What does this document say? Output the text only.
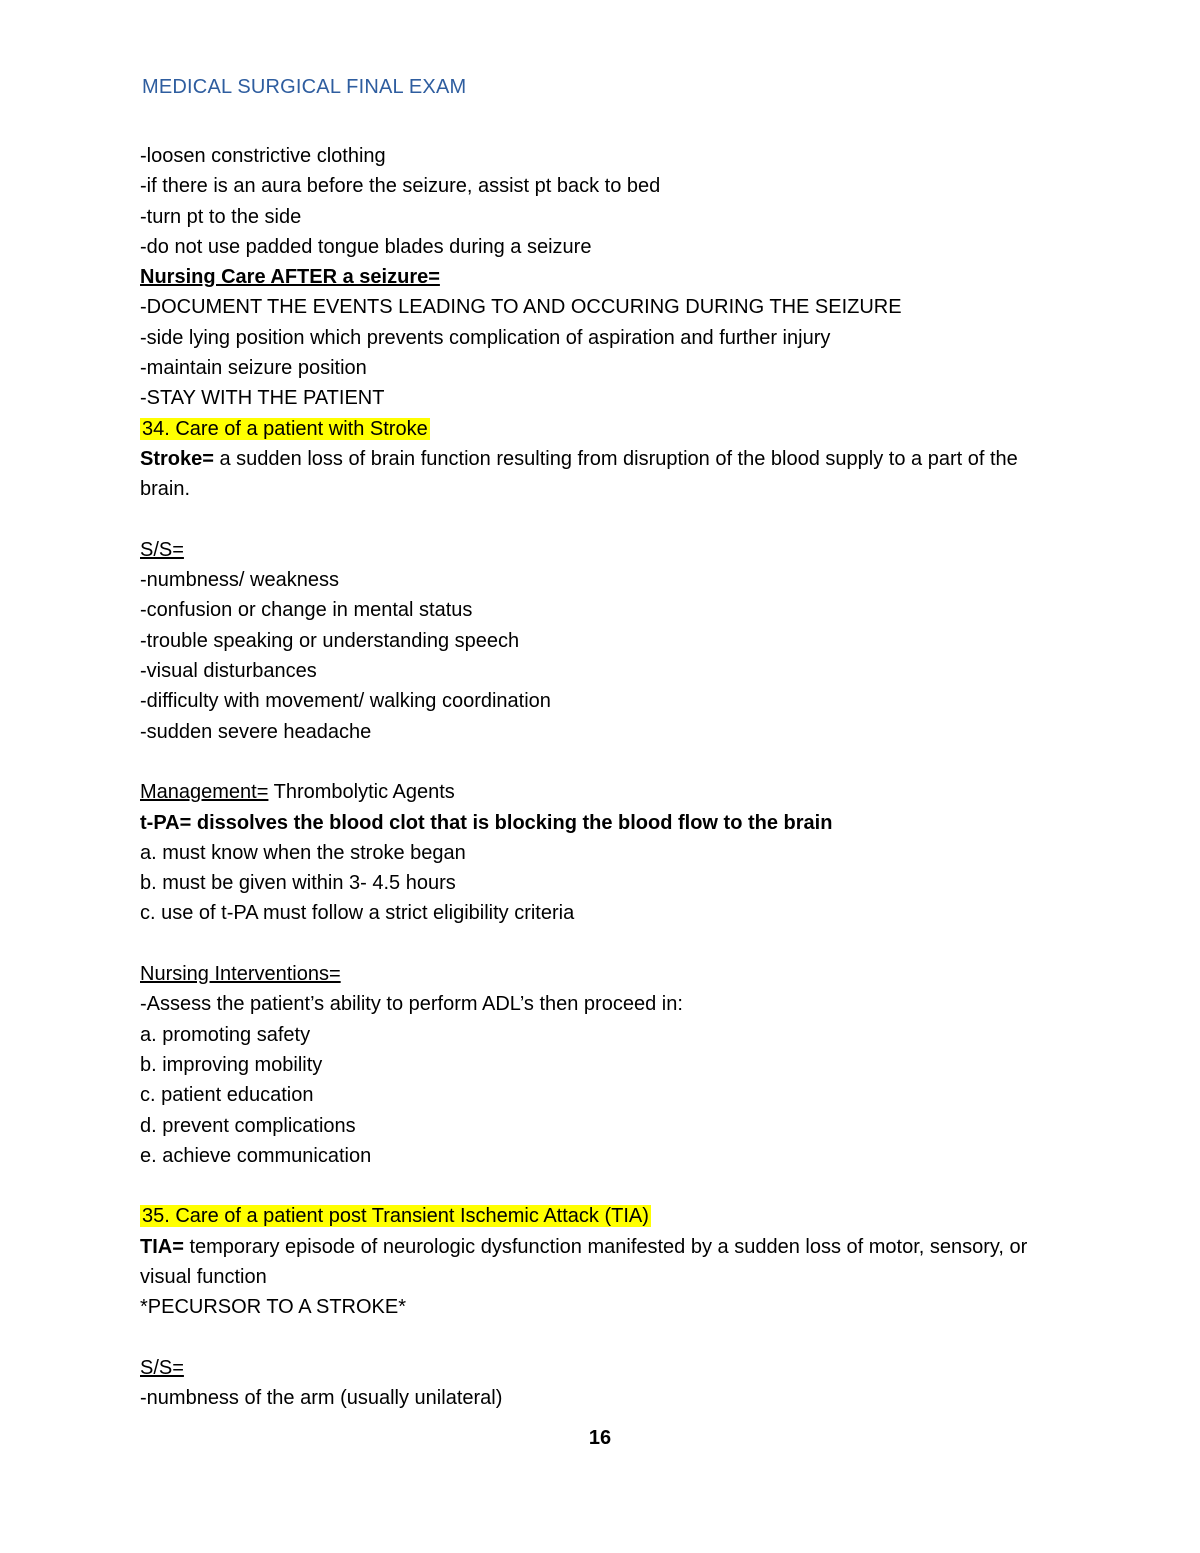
MEDICAL SURGICAL FINAL EXAM
-loosen constrictive clothing
-if there is an aura before the seizure, assist pt back to bed
-turn pt to the side
-do not use padded tongue blades during a seizure
Nursing Care AFTER a seizure=
-DOCUMENT THE EVENTS LEADING TO AND OCCURING DURING THE SEIZURE
-side lying position which prevents complication of aspiration and further injury
-maintain seizure position
-STAY WITH THE PATIENT
34. Care of a patient with Stroke
Stroke= a sudden loss of brain function resulting from disruption of the blood supply to a part of the brain.
S/S=
-numbness/ weakness
-confusion or change in mental status
-trouble speaking or understanding speech
-visual disturbances
-difficulty with movement/ walking coordination
-sudden severe headache
Management= Thrombolytic Agents
t-PA= dissolves the blood clot that is blocking the blood flow to the brain
a. must know when the stroke began
b. must be given within 3- 4.5 hours
c. use of t-PA must follow a strict eligibility criteria
Nursing Interventions=
-Assess the patient’s ability to perform ADL’s then proceed in:
a. promoting safety
b. improving mobility
c. patient education
d. prevent complications
e. achieve communication
35. Care of a patient post Transient Ischemic Attack (TIA)
TIA= temporary episode of neurologic dysfunction manifested by a sudden loss of motor, sensory, or visual function
*PECURSOR TO A STROKE*
S/S=
-numbness of the arm (usually unilateral)
16
